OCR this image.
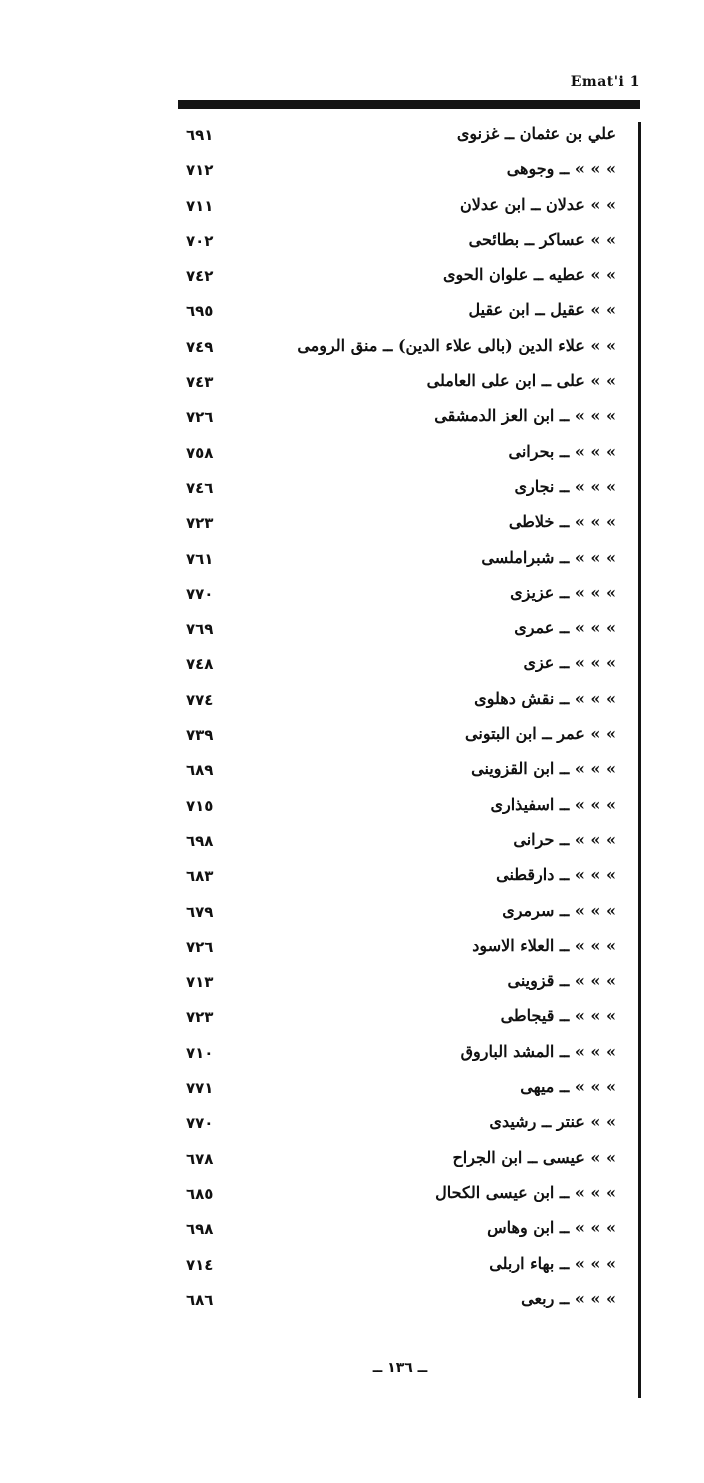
Emat'i 1
٦٩١	علي بن عثمان ــ غزنوی
٧١٢	» » » ــ وجوهی
٧١١	» » عدلان ــ ابن عدلان
٧٠٢	» » عساكر ــ بطائحی
٧٤٢	» » عطيه ــ علوان الحوی
٦٩٥	» » عقيل ــ ابن عقيل
٧٤٩	» » علاء الدين (بالى علاء الدين) ــ منق الرومی
٧٤٣	» » على ــ ابن على العاملى
٧٢٦	» » » ــ ابن العز الدمشقى
٧٥٨	» » » ــ بحرانى
٧٤٦	» » » ــ نجاری
٧٢٣	» » » ــ خلاطى
٧٦١	» » » ــ شبراملسى
٧٧٠	» » » ــ عزیزی
٧٦٩	» » » ــ عمری
٧٤٨	» » » ــ عزی
٧٧٤	» » » ــ نقش دهلوی
٧٣٩	» » عمر ــ ابن البتونی
٦٨٩	» » » ــ ابن القزوينى
٧١٥	» » » ــ اسفيذاری
٦٩٨	» » » ــ حرانى
٦٨٣	» » » ــ دارقطنى
٦٧٩	» » » ــ سرمری
٧٢٦	» » » ــ العلاء الاسود
٧١٣	» » » ــ قزوينى
٧٢٣	» » » ــ قيجاطى
٧١٠	» » » ــ المشد الباروق
٧٧١	» » » ــ ميهى
٧٧٠	» » عنتر ــ رشيدی
٦٧٨	» » عيسى ــ ابن الجراح
٦٨٥	» » » ــ ابن عيسى الكحال
٦٩٨	» » » ــ ابن وهاس
٧١٤	» » » ــ بهاء اربلى
٦٨٦	» » » ــ ربعى
ــ ١٣٦ ــ
